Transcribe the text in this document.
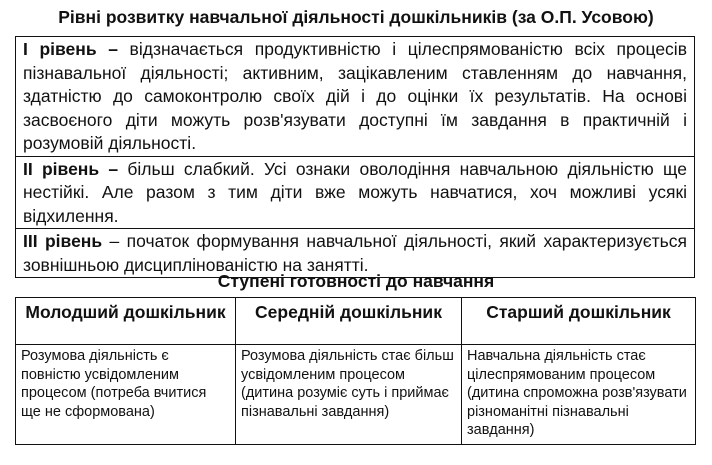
Рівні розвитку навчальної діяльності дошкільників (за О.П. Усовою)
І рівень – відзначається продуктивністю і цілеспрямованістю всіх процесів пізнавальної діяльності; активним, зацікавленим ставленням до навчання, здатністю до самоконтролю своїх дій і до оцінки їх результатів. На основі засвоєного діти можуть розв'язувати доступні їм завдання в практичній і розумовій діяльності.
ІІ рівень – більш слабкий. Усі ознаки оволодіння навчальною діяльністю ще нестійкі. Але разом з тим діти вже можуть навчатися, хоч можливі усякі відхилення.
ІІІ рівень – початок формування навчальної діяльності, який характеризується зовнішньою дисциплінованістю на занятті.
Ступені готовності до навчання
Молодший дошкільник	Середній дошкільник	Старший дошкільник
Розумова діяльність є повністю усвідомленим процесом (потреба вчитися ще не сформована)	Розумова діяльність стає більш усвідомленим процесом (дитина розуміє суть і приймає пізнавальні завдання)	Навчальна діяльність стає цілеспрямованим процесом (дитина спроможна розв'язувати різноманітні пізнавальні завдання)
